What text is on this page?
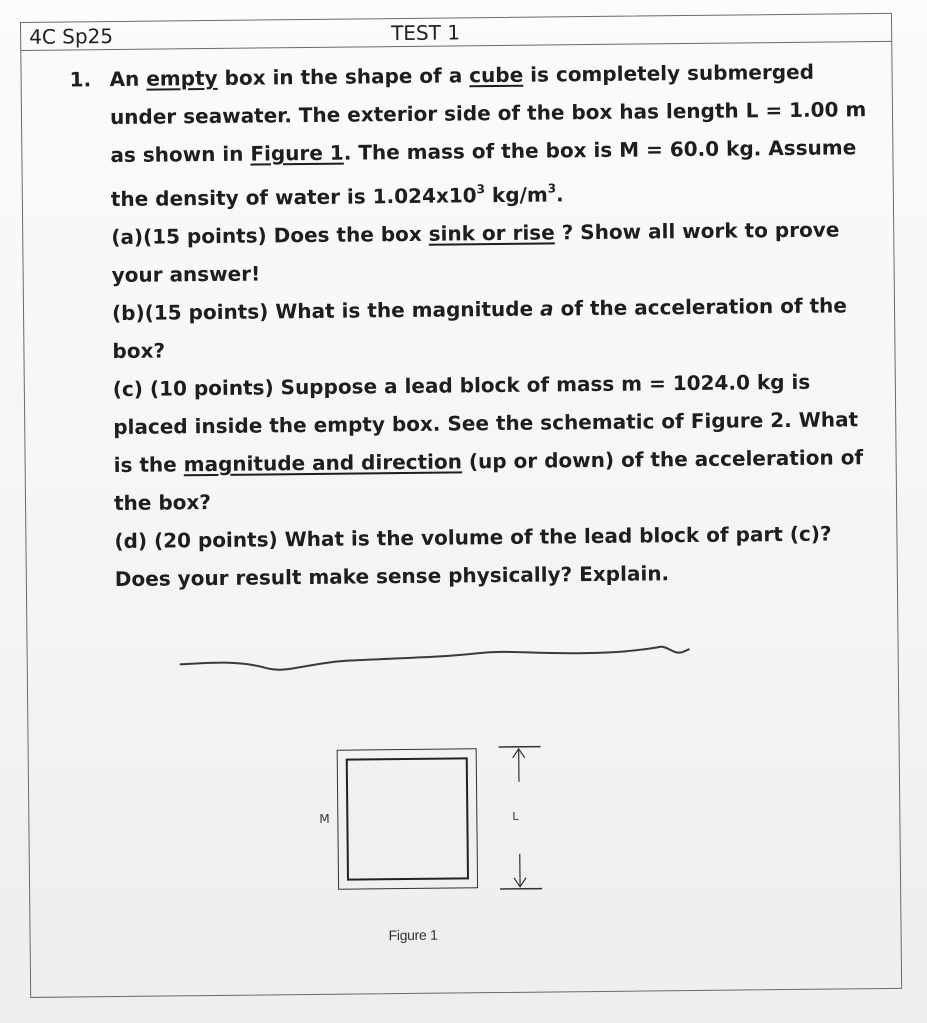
4C Sp25	TEST 1
1. An empty box in the shape of a cube is completely submerged
under seawater. The exterior side of the box has length L = 1.00 m
as shown in Figure 1. The mass of the box is M = 60.0 kg. Assume
the density of water is $1.024x10^3$ $kg/m^3$.
(a)(15 points) Does the box sink or rise ? Show all work to prove
your answer!
(b)(15 points) What is the magnitude a of the acceleration of the
box?
(c) (10 points) Suppose a lead block of mass m = 1024.0 kg is
placed inside the empty box. See the schematic of Figure 2. What
is the magnitude and direction (up or down) of the acceleration of
the box?
(d) (20 points) What is the volume of the lead block of part (c)?
Does your result make sense physically? Explain.
M	L
Figure 1
